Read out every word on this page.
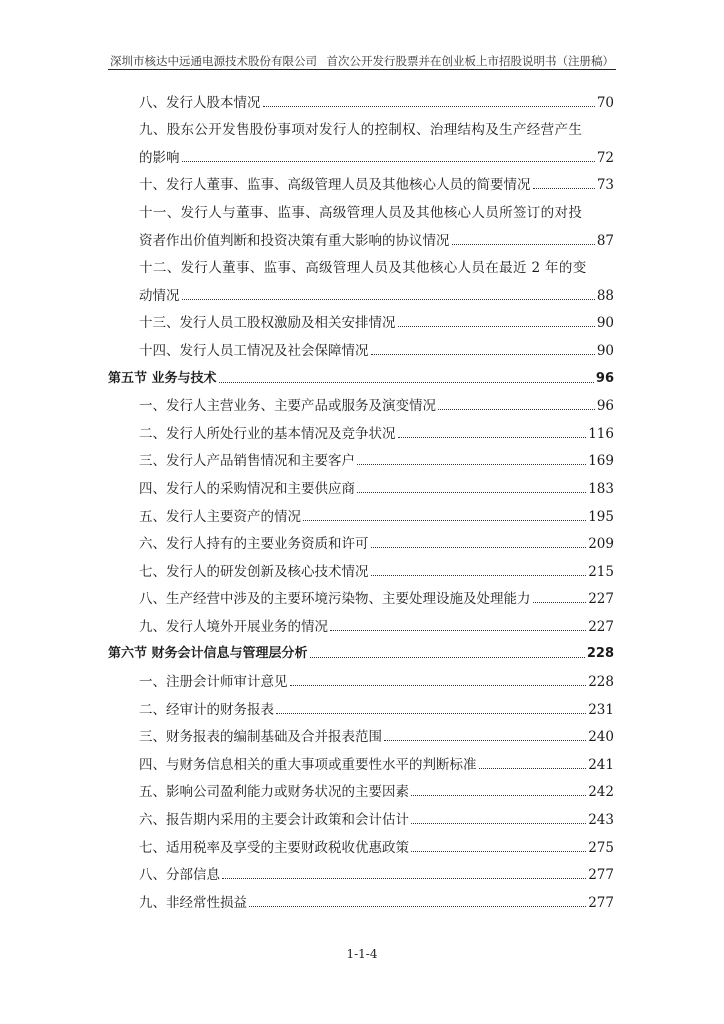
深圳市核达中远通电源技术股份有限公司 首次公开发行股票并在创业板上市招股说明书（注册稿）
八、发行人股本情况	70
九、股东公开发售股份事项对发行人的控制权、治理结构及生产经营产生
的影响	72
十、发行人董事、监事、高级管理人员及其他核心人员的简要情况	73
十一、发行人与董事、监事、高级管理人员及其他核心人员所签订的对投
资者作出价值判断和投资决策有重大影响的协议情况	87
十二、发行人董事、监事、高级管理人员及其他核心人员在最近 2 年的变
动情况	88
十三、发行人员工股权激励及相关安排情况	90
十四、发行人员工情况及社会保障情况	90
第五节 业务与技术	96
一、发行人主营业务、主要产品或服务及演变情况	96
二、发行人所处行业的基本情况及竞争状况	116
三、发行人产品销售情况和主要客户	169
四、发行人的采购情况和主要供应商	183
五、发行人主要资产的情况	195
六、发行人持有的主要业务资质和许可	209
七、发行人的研发创新及核心技术情况	215
八、生产经营中涉及的主要环境污染物、主要处理设施及处理能力	227
九、发行人境外开展业务的情况	227
第六节 财务会计信息与管理层分析	228
一、注册会计师审计意见	228
二、经审计的财务报表	231
三、财务报表的编制基础及合并报表范围	240
四、与财务信息相关的重大事项或重要性水平的判断标准	241
五、影响公司盈利能力或财务状况的主要因素	242
六、报告期内采用的主要会计政策和会计估计	243
七、适用税率及享受的主要财政税收优惠政策	275
八、分部信息	277
九、非经常性损益	277
1-1-4
